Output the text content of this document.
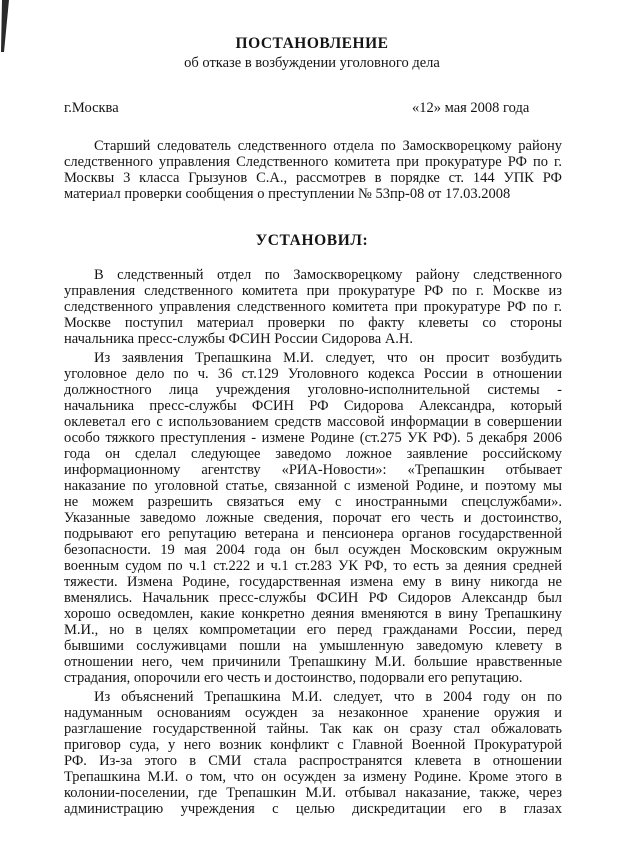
ПОСТАНОВЛЕНИЕ

об отказе в возбуждении уголовного дела

г.Москва	«12» мая 2008 года

Старший следователь следственного отдела по Замоскворецкому району
следственного управления Следственного комитета при прокуратуре РФ по г.
Москвы 3 класса Грызунов С.А., рассмотрев в порядке ст. 144 УПК РФ
материал проверки сообщения о преступлении № 53пр-08 от 17.03.2008

УСТАНОВИЛ:

В следственный отдел по Замоскворецкому району следственного
управления следственного комитета при прокуратуре РФ по г. Москве из
следственного управления следственного комитета при прокуратуре РФ по г.
Москве поступил материал проверки по факту клеветы со стороны
начальника пресс-службы ФСИН России Сидорова А.Н.

Из заявления Трепашкина М.И. следует, что он просит возбудить
уголовное дело по ч. 36 ст.129 Уголовного кодекса России в отношении
должностного лица учреждения уголовно-исполнительной системы -
начальника пресс-службы ФСИН РФ Сидорова Александра, который
оклеветал его с использованием средств массовой информации в совершении
особо тяжкого преступления - измене Родине (ст.275 УК РФ). 5 декабря 2006
года он сделал следующее заведомо ложное заявление российскому
информационному агентству «РИА-Новости»: «Трепашкин отбывает
наказание по уголовной статье, связанной с изменой Родине, и поэтому мы
не можем разрешить связаться ему с иностранными спецслужбами».
Указанные заведомо ложные сведения, порочат его честь и достоинство,
подрывают его репутацию ветерана и пенсионера органов государственной
безопасности. 19 мая 2004 года он был осужден Московским окружным
военным судом по ч.1 ст.222 и ч.1 ст.283 УК РФ, то есть за деяния средней
тяжести. Измена Родине, государственная измена ему в вину никогда не
вменялись. Начальник пресс-службы ФСИН РФ Сидоров Александр был
хорошо осведомлен, какие конкретно деяния вменяются в вину Трепашкину
М.И., но в целях компрометации его перед гражданами России, перед
бывшими сослуживцами пошли на умышленную заведомую клевету в
отношении него, чем причинили Трепашкину М.И. большие нравственные
страдания, опорочили его честь и достоинство, подорвали его репутацию.

Из объяснений Трепашкина М.И. следует, что в 2004 году он по
надуманным основаниям осужден за незаконное хранение оружия и
разглашение государственной тайны. Так как он сразу стал обжаловать
приговор суда, у него возник конфликт с Главной Военной Прокуратурой
РФ. Из-за этого в СМИ стала распространятся клевета в отношении
Трепашкина М.И. о том, что он осужден за измену Родине. Кроме этого в
колонии-поселении, где Трепашкин М.И. отбывал наказание, также, через
администрацию учреждения с целью дискредитации его в глазах
